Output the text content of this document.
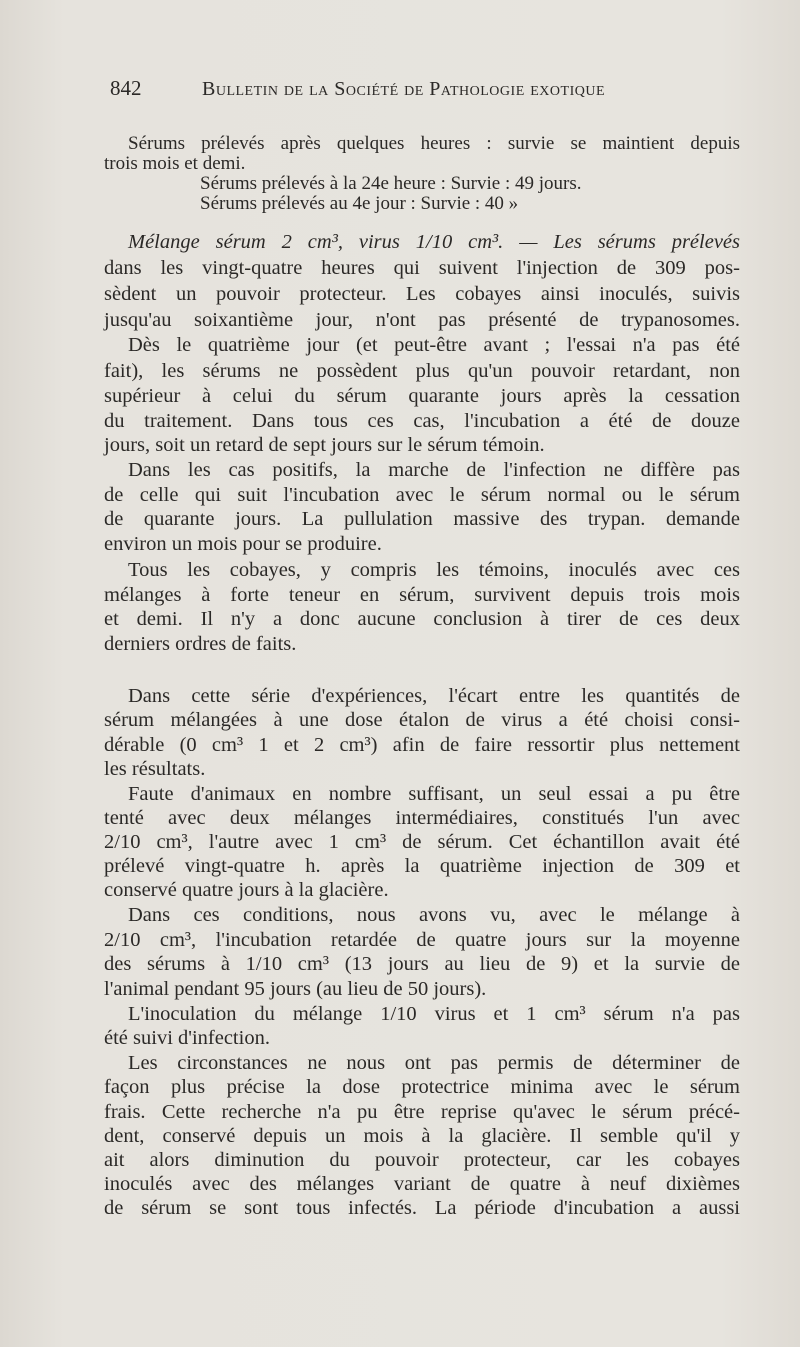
842	Bulletin de la Société de Pathologie exotique
Sérums prélevés après quelques heures : survie se maintient depuis
trois mois et demi.
Sérums prélevés à la 24e heure : Survie : 49 jours.
Sérums prélevés au 4e jour : Survie : 40 »
Mélange sérum 2 cm³, virus 1/10 cm³. — Les sérums prélevés
dans les vingt-quatre heures qui suivent l'injection de 309 pos-
sèdent un pouvoir protecteur. Les cobayes ainsi inoculés, suivis
jusqu'au soixantième jour, n'ont pas présenté de trypanosomes.
Dès le quatrième jour (et peut-être avant ; l'essai n'a pas été
fait), les sérums ne possèdent plus qu'un pouvoir retardant, non
supérieur à celui du sérum quarante jours après la cessation
du traitement. Dans tous ces cas, l'incubation a été de douze
jours, soit un retard de sept jours sur le sérum témoin.
Dans les cas positifs, la marche de l'infection ne diffère pas
de celle qui suit l'incubation avec le sérum normal ou le sérum
de quarante jours. La pullulation massive des trypan. demande
environ un mois pour se produire.
Tous les cobayes, y compris les témoins, inoculés avec ces
mélanges à forte teneur en sérum, survivent depuis trois mois
et demi. Il n'y a donc aucune conclusion à tirer de ces deux
derniers ordres de faits.
Dans cette série d'expériences, l'écart entre les quantités de
sérum mélangées à une dose étalon de virus a été choisi consi-
dérable (0 cm³ 1 et 2 cm³) afin de faire ressortir plus nettement
les résultats.
Faute d'animaux en nombre suffisant, un seul essai a pu être
tenté avec deux mélanges intermédiaires, constitués l'un avec
2/10 cm³, l'autre avec 1 cm³ de sérum. Cet échantillon avait été
prélevé vingt-quatre h. après la quatrième injection de 309 et
conservé quatre jours à la glacière.
Dans ces conditions, nous avons vu, avec le mélange à
2/10 cm³, l'incubation retardée de quatre jours sur la moyenne
des sérums à 1/10 cm³ (13 jours au lieu de 9) et la survie de
l'animal pendant 95 jours (au lieu de 50 jours).
L'inoculation du mélange 1/10 virus et 1 cm³ sérum n'a pas
été suivi d'infection.
Les circonstances ne nous ont pas permis de déterminer de
façon plus précise la dose protectrice minima avec le sérum
frais. Cette recherche n'a pu être reprise qu'avec le sérum précé-
dent, conservé depuis un mois à la glacière. Il semble qu'il y
ait alors diminution du pouvoir protecteur, car les cobayes
inoculés avec des mélanges variant de quatre à neuf dixièmes
de sérum se sont tous infectés. La période d'incubation a aussi
